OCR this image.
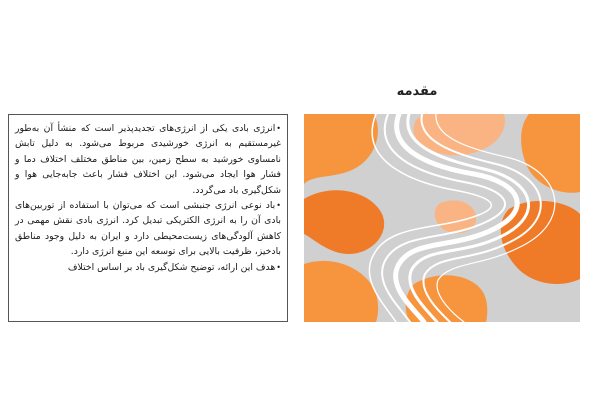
مقدمه

•انرژی بادی یکی از انرژی‌های تجدیدپذیر است که منشأ آن به‌طور غیرمستقیم به انرژی خورشیدی مربوط می‌شود. به دلیل تابش نامساوی خورشید به سطح زمین، بین مناطق مختلف اختلاف دما و فشار هوا ایجاد می‌شود. این اختلاف فشار باعث جابه‌جایی هوا و شکل‌گیری باد می‌گردد.

•باد نوعی انرژی جنبشی است که می‌توان با استفاده از توربین‌های بادی آن را به انرژی الکتریکی تبدیل کرد. انرژی بادی نقش مهمی در کاهش آلودگی‌های زیست‌محیطی دارد و ایران به دلیل وجود مناطق بادخیز، ظرفیت بالایی برای توسعه این منبع انرژی دارد.

•هدف این ارائه، توضیح شکل‌گیری باد بر اساس اختلاف
